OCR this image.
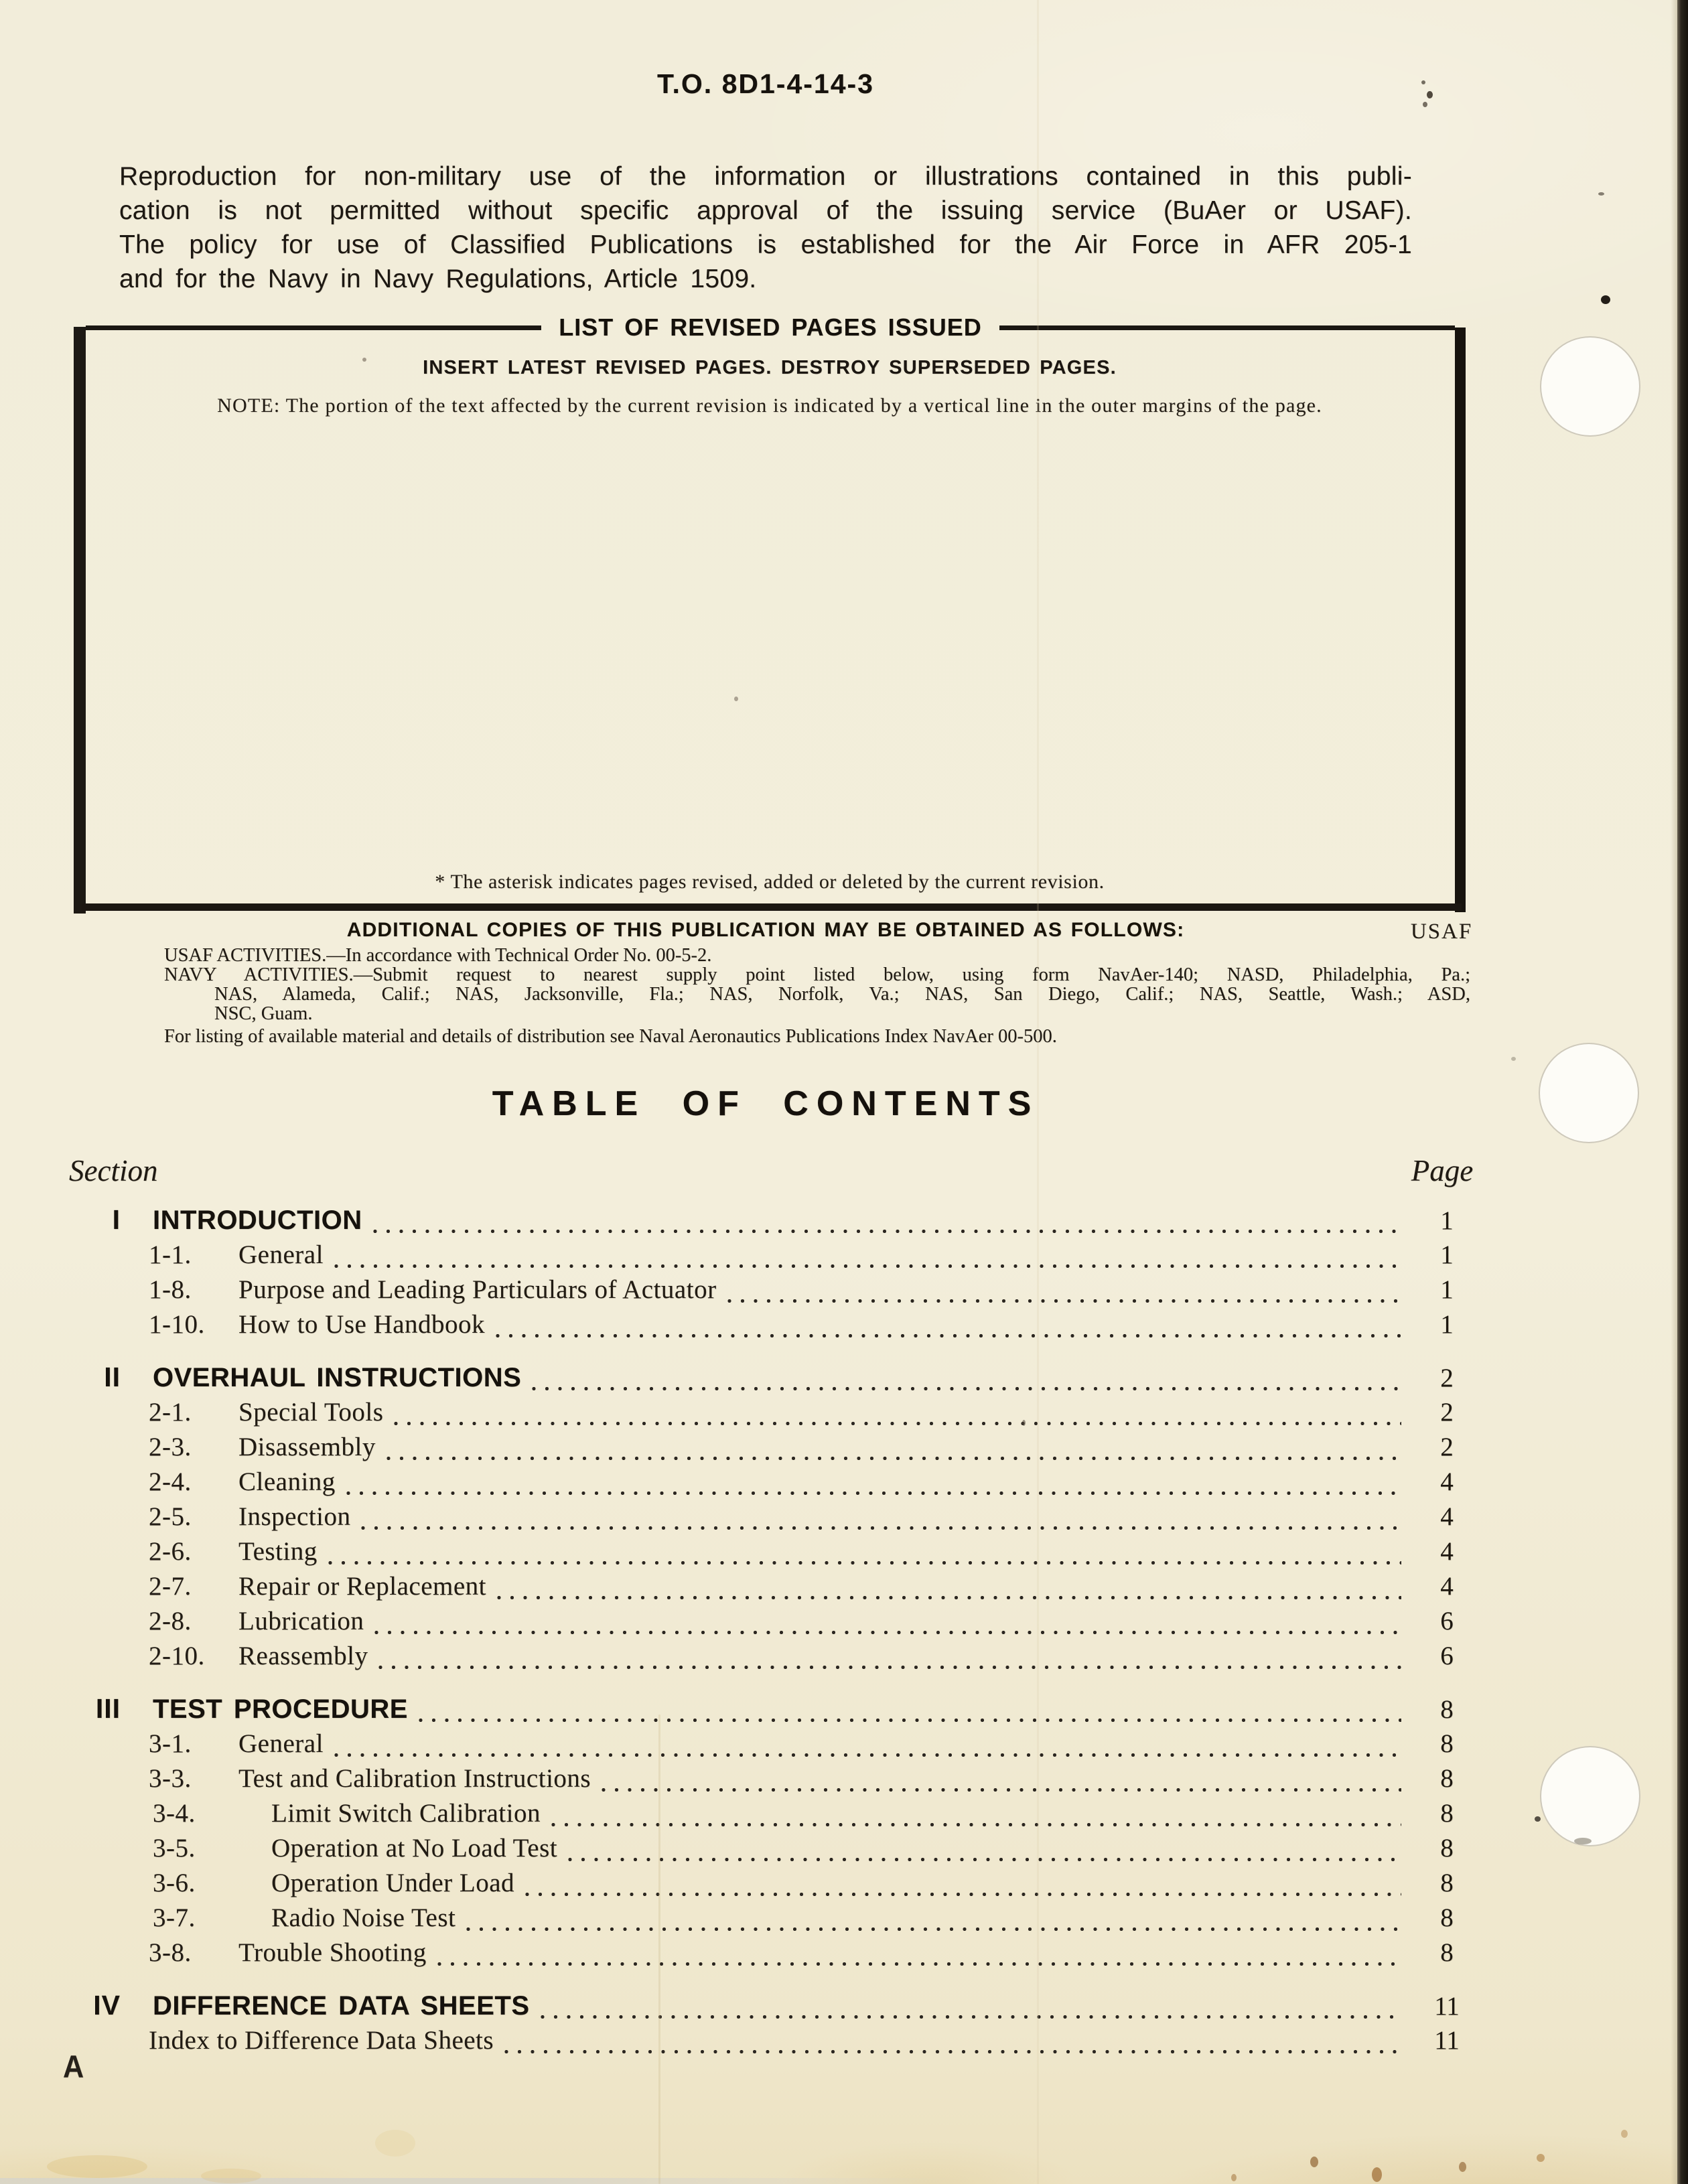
T.O. 8D1-4-14-3
Reproduction for non-military use of the information or illustrations contained in this publi-
cation is not permitted without specific approval of the issuing service (BuAer or USAF).
The policy for use of Classified Publications is established for the Air Force in AFR 205-1
and for the Navy in Navy Regulations, Article 1509.
LIST OF REVISED PAGES ISSUED
INSERT LATEST REVISED PAGES. DESTROY SUPERSEDED PAGES.
NOTE: The portion of the text affected by the current revision is indicated by a vertical line in the outer margins of the page.
* The asterisk indicates pages revised, added or deleted by the current revision.
ADDITIONAL COPIES OF THIS PUBLICATION MAY BE OBTAINED AS FOLLOWS:	USAF
USAF ACTIVITIES.—In accordance with Technical Order No. 00-5-2.
NAVY ACTIVITIES.—Submit request to nearest supply point listed below, using form NavAer-140; NASD, Philadelphia, Pa.;
NAS, Alameda, Calif.; NAS, Jacksonville, Fla.; NAS, Norfolk, Va.; NAS, San Diego, Calif.; NAS, Seattle, Wash.; ASD,
NSC, Guam.
For listing of available material and details of distribution see Naval Aeronautics Publications Index NavAer 00-500.
TABLE OF CONTENTS
Section	Page
I INTRODUCTION	1
1-1.	General	1
1-8.	Purpose and Leading Particulars of Actuator	1
1-10.	How to Use Handbook	1
II OVERHAUL INSTRUCTIONS	2
2-1.	Special Tools	2
2-3.	Disassembly	2
2-4.	Cleaning	4
2-5.	Inspection	4
2-6.	Testing	4
2-7.	Repair or Replacement	4
2-8.	Lubrication	6
2-10.	Reassembly	6
III TEST PROCEDURE	8
3-1.	General	8
3-3.	Test and Calibration Instructions	8
3-4.	Limit Switch Calibration	8
3-5.	Operation at No Load Test	8
3-6.	Operation Under Load	8
3-7.	Radio Noise Test	8
3-8.	Trouble Shooting	8
IV DIFFERENCE DATA SHEETS	11
Index to Difference Data Sheets	11
A
